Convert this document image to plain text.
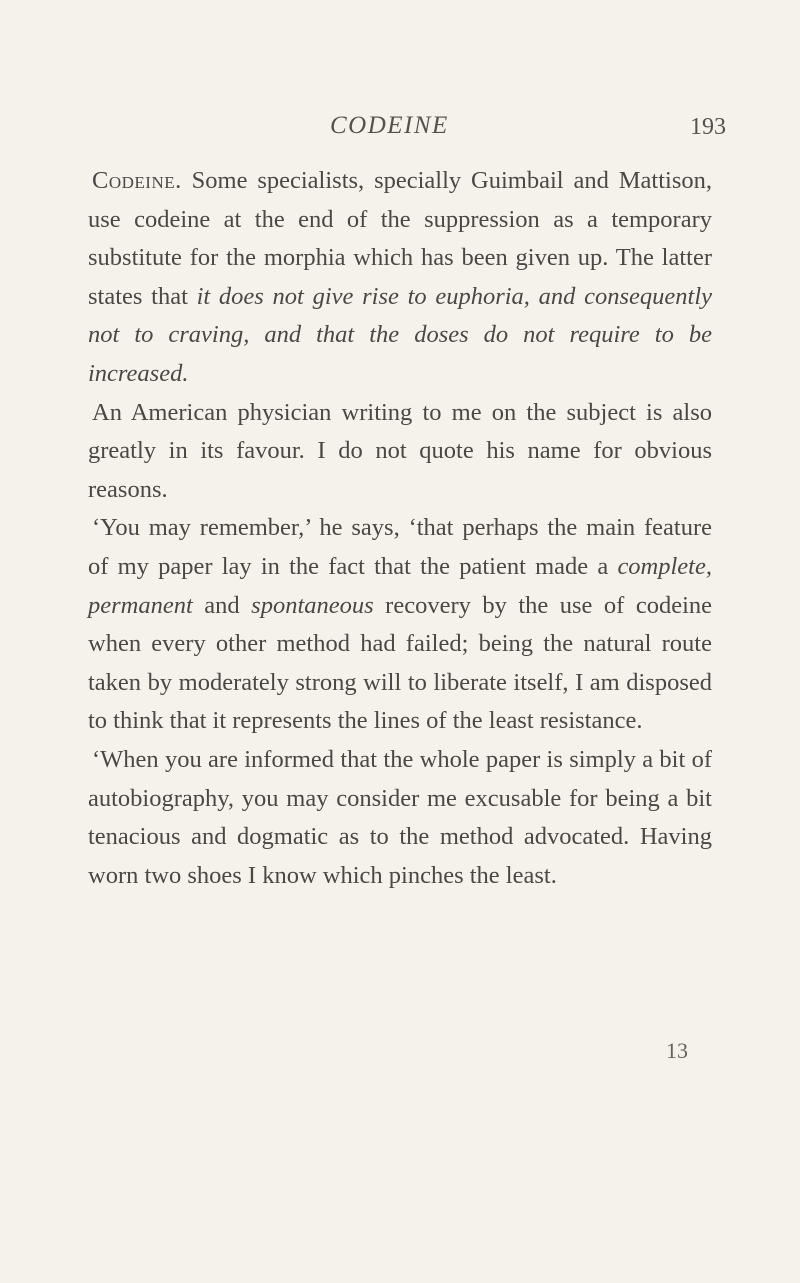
CODEINE	193

Codeine. Some specialists, specially Guimbail and Mattison, use codeine at the end of the suppression as a temporary substitute for the morphia which has been given up. The latter states that it does not give rise to euphoria, and consequently not to craving, and that the doses do not require to be increased.

An American physician writing to me on the subject is also greatly in its favour. I do not quote his name for obvious reasons.

‘You may remember,’ he says, ‘that perhaps the main feature of my paper lay in the fact that the patient made a complete, permanent and spontaneous recovery by the use of codeine when every other method had failed; being the natural route taken by moderately strong will to liberate itself, I am disposed to think that it represents the lines of the least resistance.

‘When you are informed that the whole paper is simply a bit of autobiography, you may consider me excusable for being a bit tenacious and dogmatic as to the method advocated. Having worn two shoes I know which pinches the least.

13
